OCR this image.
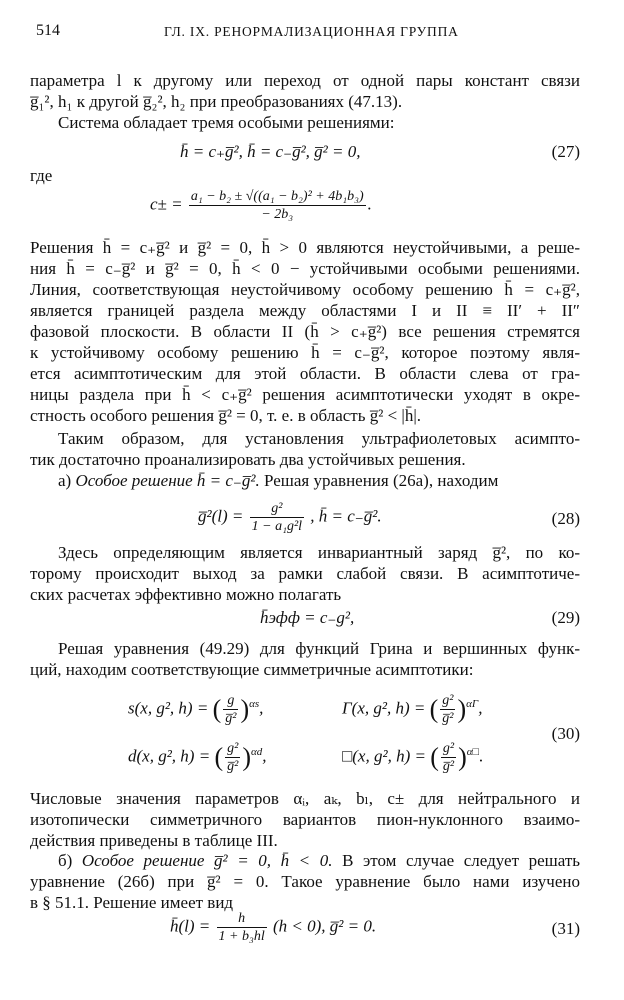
514	ГЛ. IX. РЕНОРМАЛИЗАЦИОННАЯ ГРУППА

параметра l к другому или переход от одной пары констант связи

g̅₁², h₁ к другой g̅₂², h₂ при преобразованиях (47.13).

Система обладает тремя особыми решениями:

h̄ = c₊g̅², h̄ = c₋g̅², g̅² = 0,	(27)

где

$c\pm = \frac{\text{a₁ − b₂ ± √((a₁ − b₂)² + 4b₁b₃)}}{\text{− 2b₃}}$ .

Решения h̄ = c₊g̅² и g̅² = 0, h̄ > 0 являются неустойчивыми, а реше-

ния h̄ = c₋g̅² и g̅² = 0, h̄ < 0 − устойчивыми особыми решениями.

Линия, соответствующая неустойчивому особому решению h̄ = c₊g̅²,

является границей раздела между областями I и II ≡ II′ + II″

фазовой плоскости. В области II (h̄ > c₊g̅²) все решения стремятся

к устойчивому особому решению h̄ = c₋g̅², которое поэтому явля-

ется асимптотическим для этой области. В области слева от гра-

ницы раздела при h̄ < c₊g̅² решения асимптотически уходят в окре-

стность особого решения g̅² = 0, т. е. в область g̅² < |h̄|.

Таким образом, для установления ультрафиолетовых асимпто-

тик достаточно проанализировать два устойчивых решения.

а) Особое решение h̄ = c₋g̅². Решая уравнения (26а), находим

g̅²(l) = $\frac{\text{g²}}{\text{1 − a₁g²l}}$ , h̄ = c₋g̅².	(28)

Здесь определяющим является инвариантный заряд g̅², по ко-

торому происходит выход за рамки слабой связи. В асимптотиче-

ских расчетах эффективно можно полагать

h̄эфф = c₋g²,	(29)

Решая уравнения (49.29) для функций Грина и вершинных функ-

ций, находим соответствующие симметричные асимптотики:

s(x, g², h) = ( $\frac{g}{\text{g̅²}} )^{\alpha s}$,	Γ(x, g², h) = ( $\frac{\text{g²}}{\text{g̅²}} )^{\alpha\Gamma}$,
d(x, g², h) = ( $\frac{\text{g²}}{\text{g̅²}} )^{\alpha d}$,	□(x, g², h) = ( $\frac{\text{g²}}{\text{g̅²}} )^{\alpha□}$.
(30)

Числовые значения параметров αᵢ, aₖ, bₗ, c± для нейтрального и

изотопически симметричного вариантов пион-нуклонного взаимо-

действия приведены в таблице III.

б) Особое решение g̅² = 0, h̄ < 0. В этом случае следует решать

уравнение (26б) при g̅² = 0. Такое уравнение было нами изучено

в § 51.1. Решение имеет вид

h̄(l) = $\frac{h}{\text{1 + b₃hl}} (h < 0)$, g̅² = 0.	(31)
